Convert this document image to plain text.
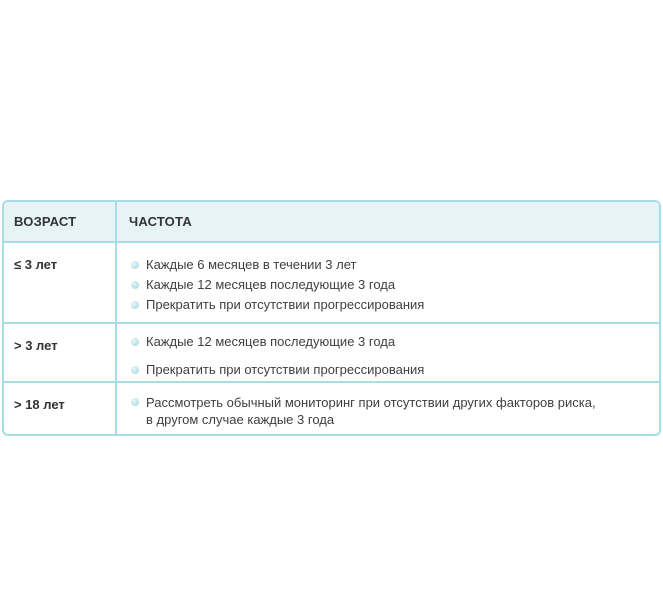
ВОЗРАСТ	ЧАСТОТА
≤ 3 лет	Каждые 6 месяцев в течении 3 лет
Каждые 12 месяцев последующие 3 года
Прекратить при отсутствии прогрессирования
> 3 лет	Каждые 12 месяцев последующие 3 года
Прекратить при отсутствии прогрессирования
> 18 лет	Рассмотреть обычный мониторинг при отсутствии других факторов риска, в другом случае каждые 3 года
